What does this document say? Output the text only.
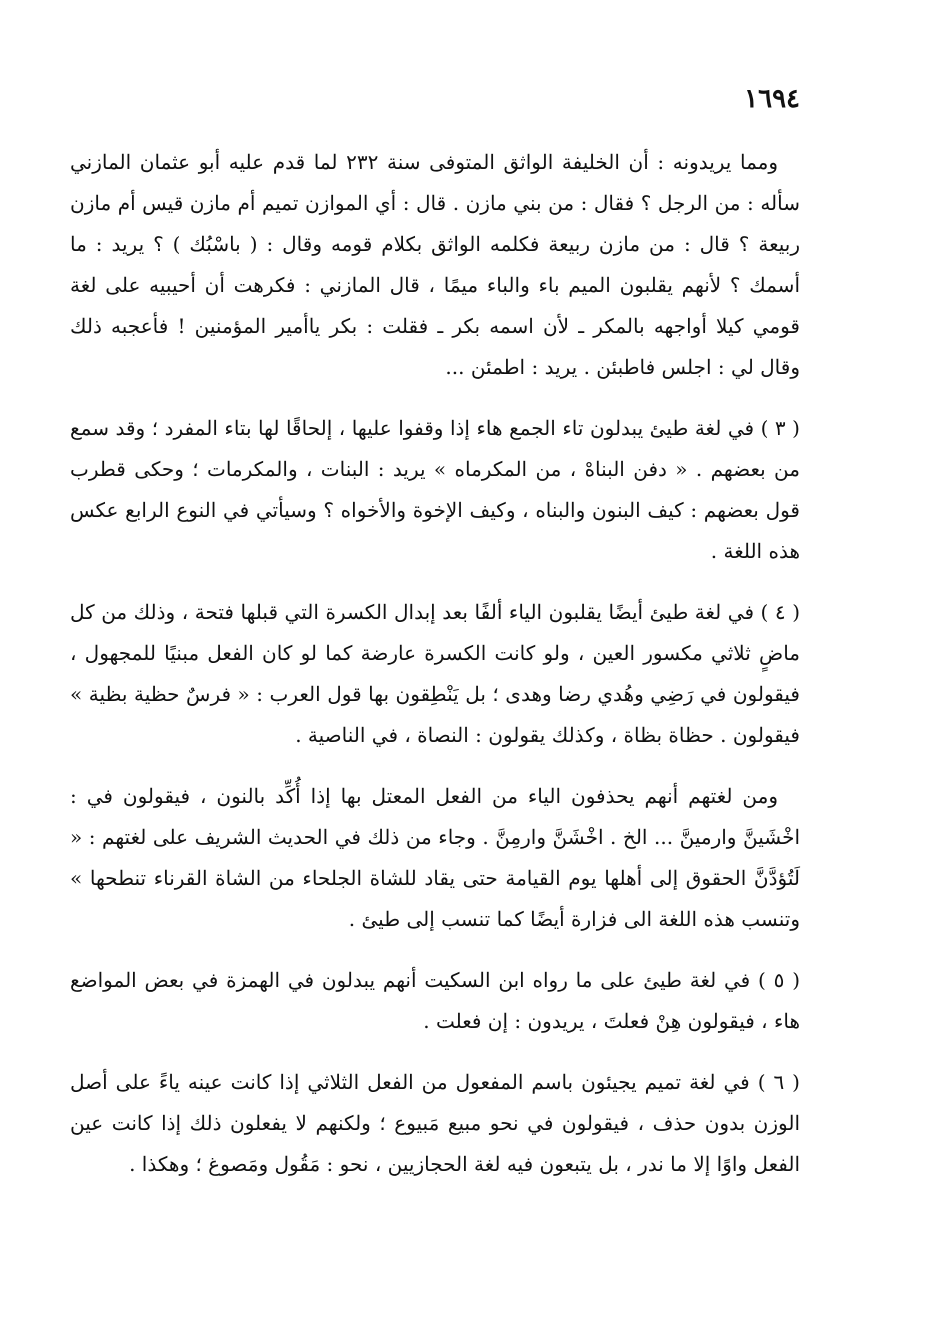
١٦٩٤

ومما يريدونه : أن الخليفة الواثق المتوفى سنة ٢٣٢ لما قدم عليه أبو عثمان المازني سأله : من الرجل ؟ فقال : من بني مازن . قال : أي الموازن تميم أم مازن قيس أم مازن ربيعة ؟ قال : من مازن ربيعة فكلمه الواثق بكلام قومه وقال : ( باسْبُك ) ؟ يريد : ما أسمك ؟ لأنهم يقلبون الميم باء والباء ميمًا ، قال المازني : فكرهت أن أحيبيه على لغة قومي كيلا أواجهه بالمكر ـ لأن اسمه بكر ـ فقلت : بكر ياأمير المؤمنين ! فأعجبه ذلك وقال لي : اجلس فاطبئن . يريد : اطمئن ...

( ٣ ) في لغة طيئ يبدلون تاء الجمع هاء إذا وقفوا عليها ، إلحاقًا لها بتاء المفرد ؛ وقد سمع من بعضهم . « دفن البناهْ ، من المكرماه » يريد : البنات ، والمكرمات ؛ وحكى قطرب قول بعضهم : كيف البنون والبناه ، وكيف الإخوة والأخواه ؟ وسيأتي في النوع الرابع عكس هذه اللغة .

( ٤ ) في لغة طيئ أيضًا يقلبون الياء ألفًا بعد إبدال الكسرة التي قبلها فتحة ، وذلك من كل ماضٍ ثلاثي مكسور العين ، ولو كانت الكسرة عارضة كما لو كان الفعل مبنيًا للمجهول ، فيقولون في رَضِي وهُدي رضا وهدى ؛ بل يَنْطِقون بها قول العرب : « فرسٌ حظية بظية » فيقولون . حظاة بظاة ، وكذلك يقولون : النصاة ، في الناصية .

ومن لغتهم أنهم يحذفون الياء من الفعل المعتل بها إذا أُكِّد بالنون ، فيقولون في : اخْشَينَّ وارمينَّ ... الخ . اخْشَنَّ وارمِنَّ . وجاء من ذلك في الحديث الشريف على لغتهم : « لَتُؤدَّنَّ الحقوق إلى أهلها يوم القيامة حتى يقاد للشاة الجلحاء من الشاة القرناء تنطحها » وتنسب هذه اللغة الى فزارة أيضًا كما تنسب إلى طيئ .

( ٥ ) في لغة طيئ على ما رواه ابن السكيت أنهم يبدلون في الهمزة في بعض المواضع هاء ، فيقولون هِنْ فعلتَ ، يريدون : إن فعلت .

( ٦ ) في لغة تميم يجيئون باسم المفعول من الفعل الثلاثي إذا كانت عينه ياءً على أصل الوزن بدون حذف ، فيقولون في نحو مبيع مَبيوع ؛ ولكنهم لا يفعلون ذلك إذا كانت عين الفعل واوًا إلا ما ندر ، بل يتبعون فيه لغة الحجازيين ، نحو : مَقُول ومَصوغ ؛ وهكذا .
